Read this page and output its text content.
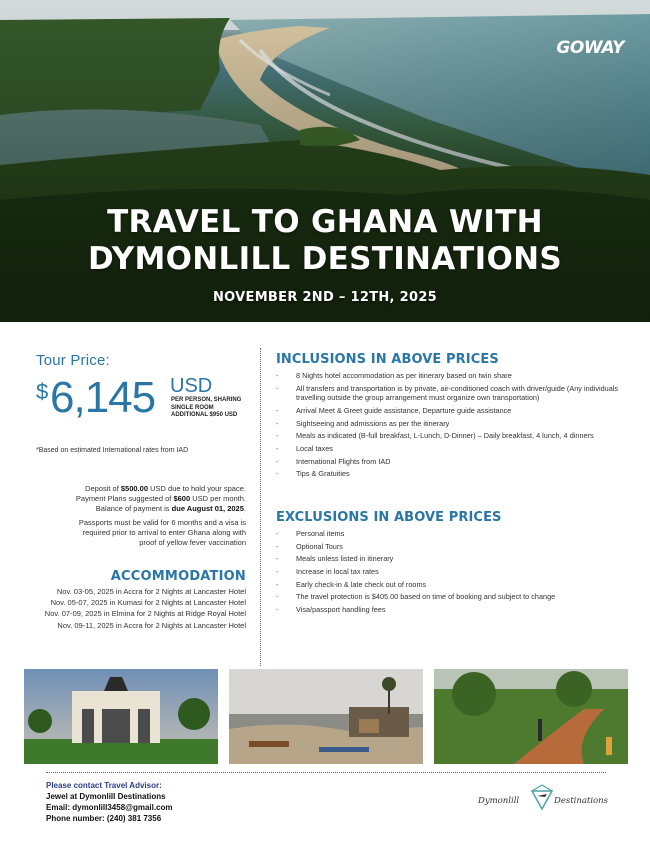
GOWAY
TRAVEL TO GHANA WITH
DYMONLILL DESTINATIONS
NOVEMBER 2ND – 12TH, 2025
Tour Price:
$ 6,145 USD
PER PERSON, SHARING
SINGLE ROOM
ADDITIONAL $950 USD
*Based on estimated International rates from IAD
Deposit of $500.00 USD due to hold your space.
Payment Plans suggested of $600 USD per month.
Balance of payment is due August 01, 2025.
Passports must be valid for 6 months and a visa is
required prior to arrival to enter Ghana along with
proof of yellow fever vaccination
ACCOMMODATION
Nov. 03-05, 2025 in Accra for 2 Nights at Lancaster Hotel
Nov. 05-07, 2025 in Kumasi for 2 Nights at Lancaster Hotel
Nov. 07-09, 2025 in Elmina for 2 Nights at Ridge Royal Hotel
Nov. 09-11, 2025 in Accra for 2 Nights at Lancaster Hotel
INCLUSIONS IN ABOVE PRICES
- 8 Nights hotel accommodation as per itinerary based on twin share
- All transfers and transportation is by private, air-conditioned coach with driver/guide (Any individuals travelling outside the group arrangement must organize own transportation)
- Arrival Meet & Greet guide assistance, Departure guide assistance
- Sightseeing and admissions as per the itinerary
- Meals as indicated (B-full breakfast, L-Lunch, D-Dinner) – Daily breakfast, 4 lunch, 4 dinners
- Local taxes
- International Flights from IAD
- Tips & Gratuities
EXCLUSIONS IN ABOVE PRICES
- Personal items
- Optional Tours
- Meals unless listed in itinerary
- Increase in local tax rates
- Early check-in & late check out of rooms
- The travel protection is $405.00 based on time of booking and subject to change
- Visa/passport handling fees
Please contact Travel Advisor:
Jewel at Dymonlill Destinations
Email: dymonlill3458@gmail.com
Phone number: (240) 381 7356
Dymonlill	Destinations
